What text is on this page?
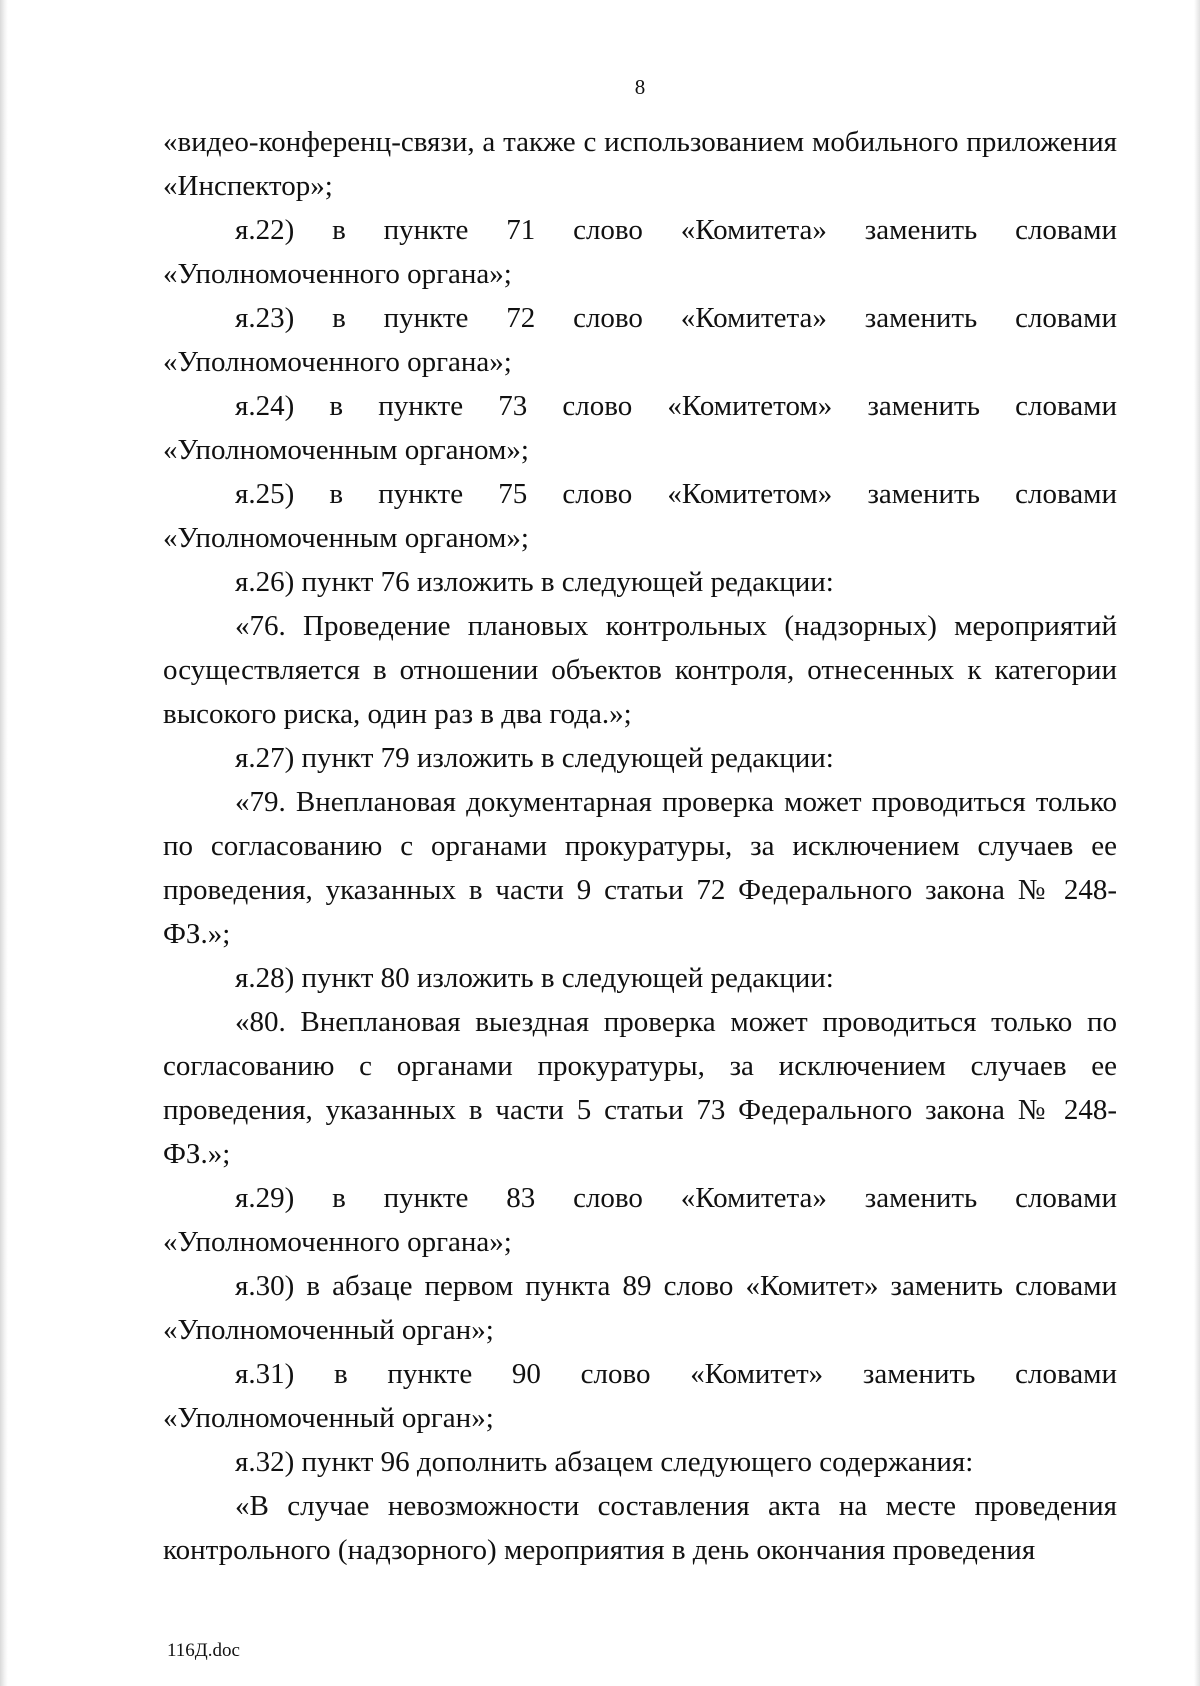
8

«видео-конференц-связи, а также с использованием мобильного приложения «Инспектор»;

я.22) в пункте 71 слово «Комитета» заменить словами «Уполномоченного органа»;

я.23) в пункте 72 слово «Комитета» заменить словами «Уполномоченного органа»;

я.24) в пункте 73 слово «Комитетом» заменить словами «Уполномоченным органом»;

я.25) в пункте 75 слово «Комитетом» заменить словами «Уполномоченным органом»;

я.26) пункт 76 изложить в следующей редакции:

«76. Проведение плановых контрольных (надзорных) мероприятий осуществляется в отношении объектов контроля, отнесенных к категории высокого риска, один раз в два года.»;

я.27) пункт 79 изложить в следующей редакции:

«79. Внеплановая документарная проверка может проводиться только по согласованию с органами прокуратуры, за исключением случаев ее проведения, указанных в части 9 статьи 72 Федерального закона № 248-ФЗ.»;

я.28) пункт 80 изложить в следующей редакции:

«80. Внеплановая выездная проверка может проводиться только по согласованию с органами прокуратуры, за исключением случаев ее проведения, указанных в части 5 статьи 73 Федерального закона № 248-ФЗ.»;

я.29) в пункте 83 слово «Комитета» заменить словами «Уполномоченного органа»;

я.30) в абзаце первом пункта 89 слово «Комитет» заменить словами «Уполномоченный орган»;

я.31) в пункте 90 слово «Комитет» заменить словами «Уполномоченный орган»;

я.32) пункт 96 дополнить абзацем следующего содержания:

«В случае невозможности составления акта на месте проведения контрольного (надзорного) мероприятия в день окончания проведения

116Д.doc
